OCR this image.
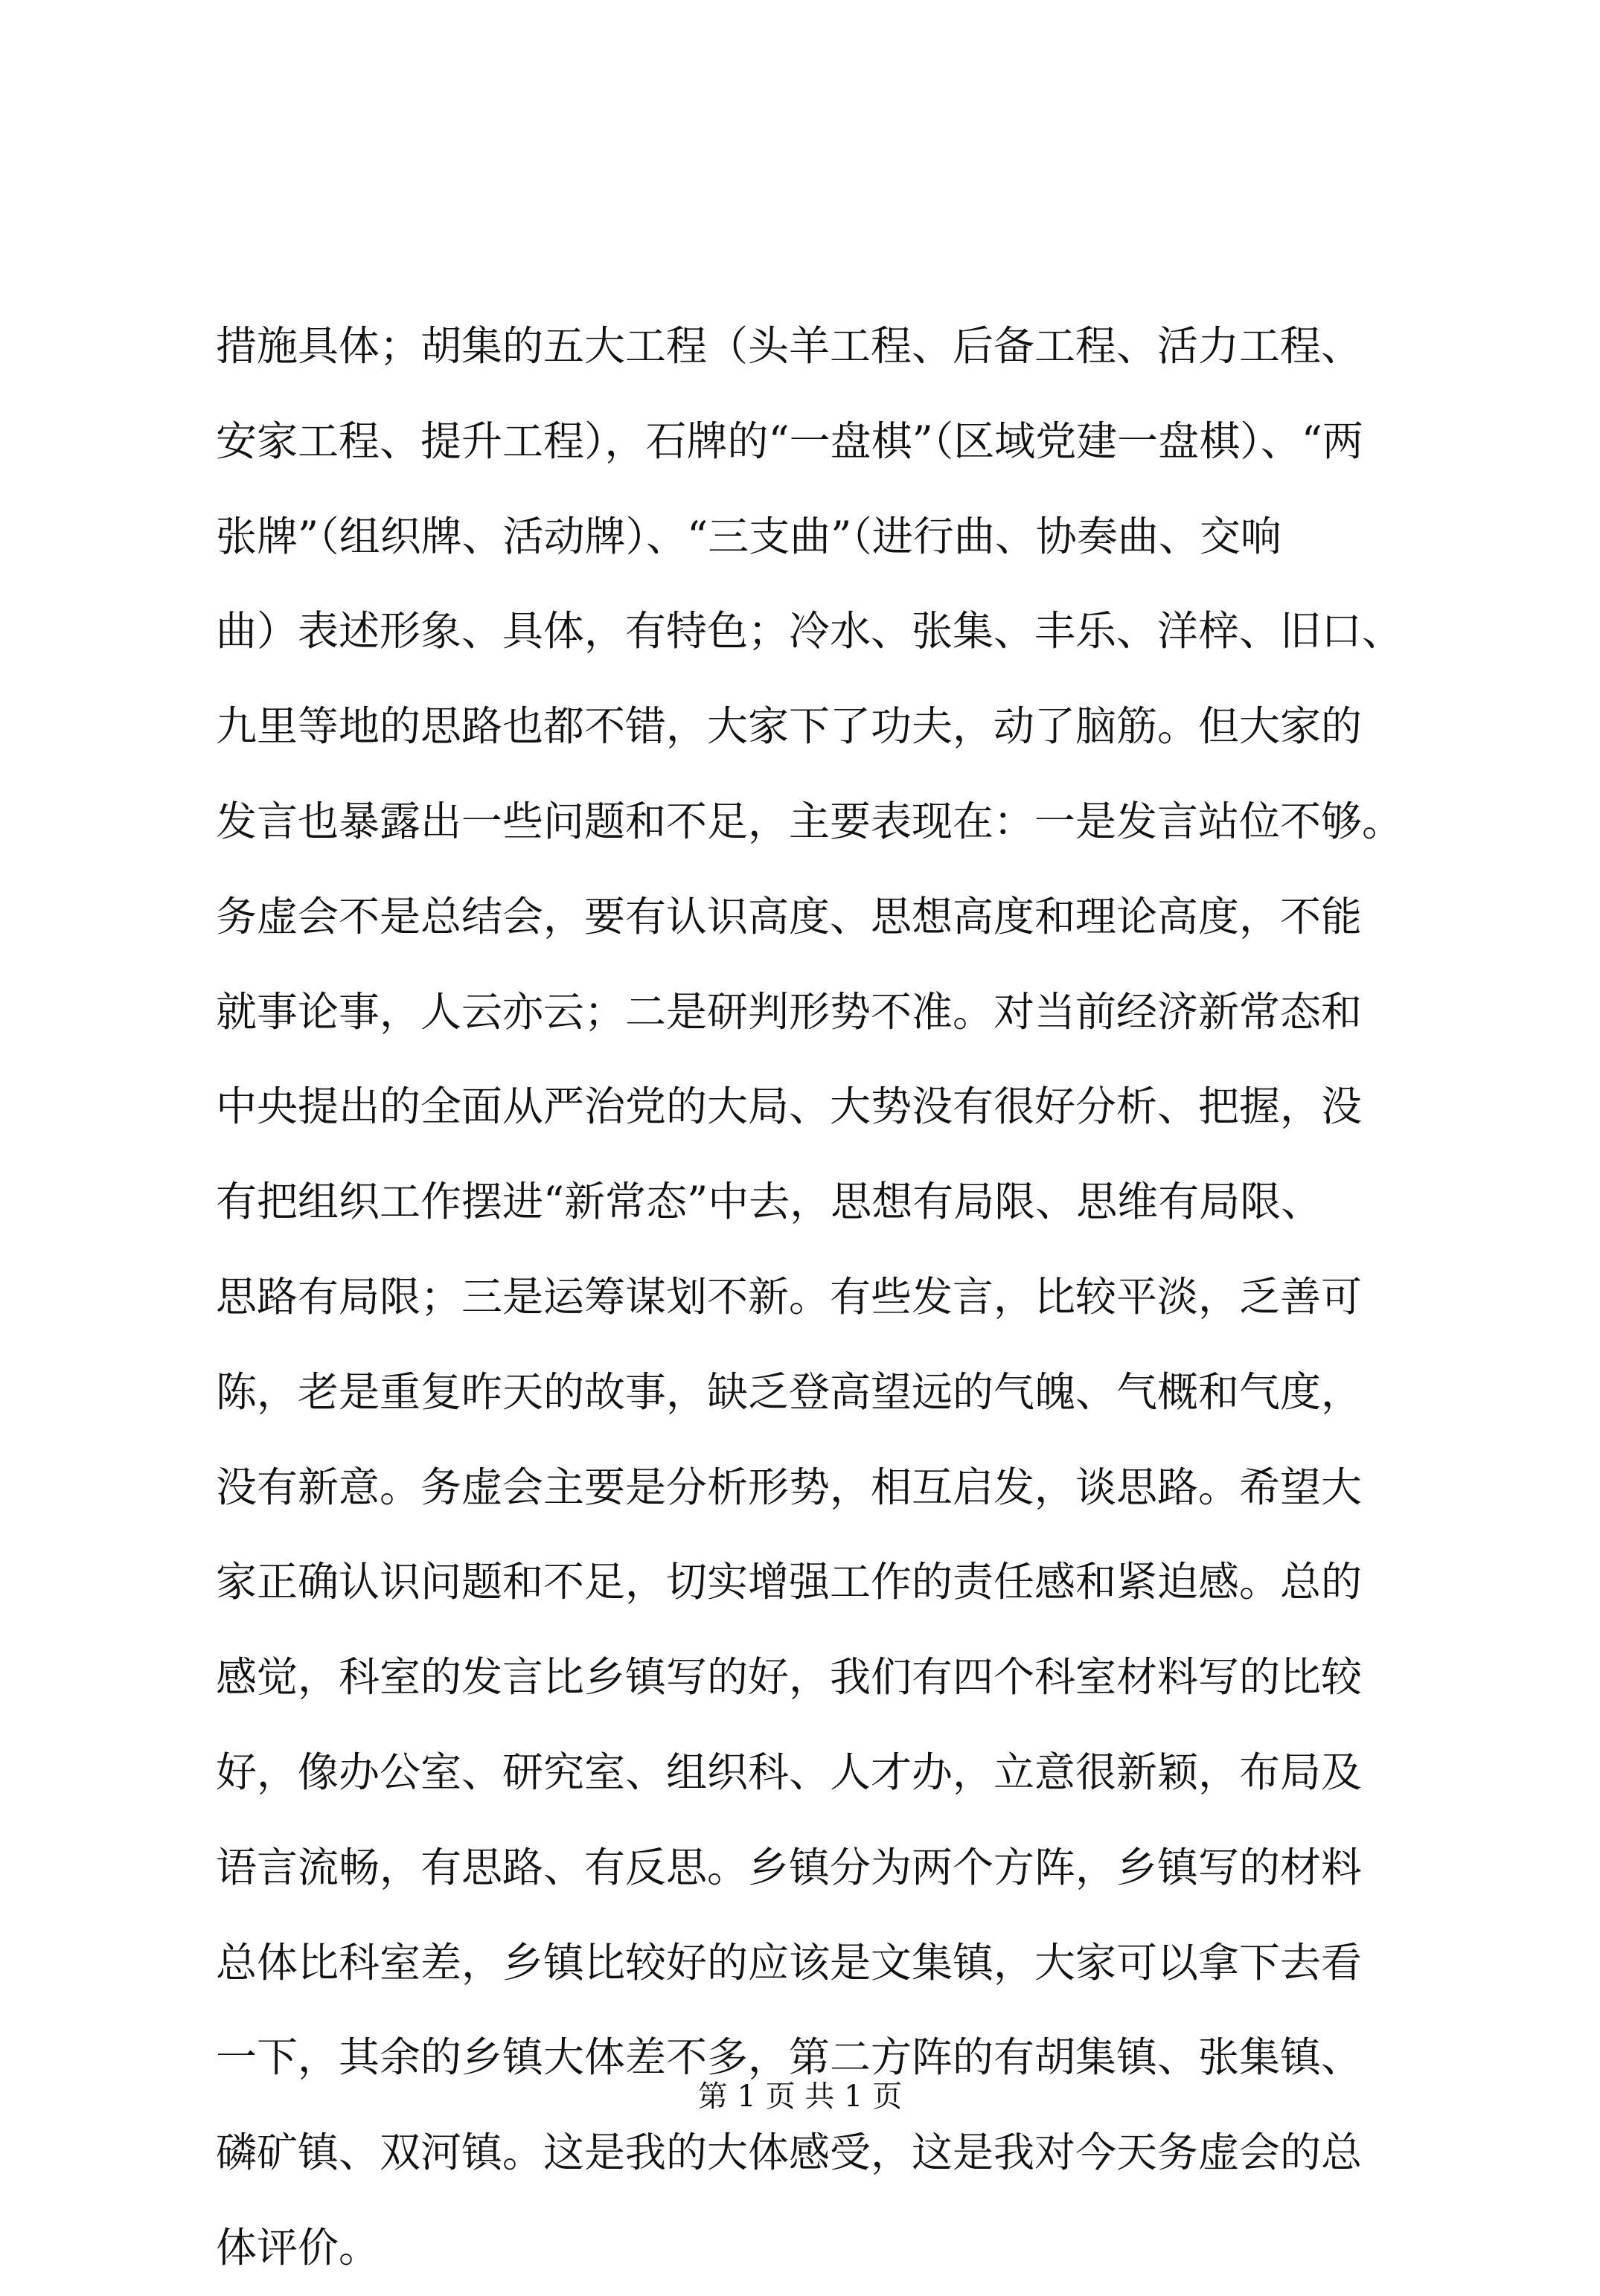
措施具体；胡集的五大工程（头羊工程、后备工程、活力工程、
安家工程、提升工程），石牌的“一盘棋”（区域党建一盘棋）、“两
张牌”（组织牌、活动牌）、“三支曲”（进行曲、协奏曲、交响
曲）表述形象、具体，有特色；冷水、张集、丰乐、洋梓、旧口、
九里等地的思路也都不错，大家下了功夫，动了脑筋。但大家的
发言也暴露出一些问题和不足，主要表现在：一是发言站位不够。
务虚会不是总结会，要有认识高度、思想高度和理论高度，不能
就事论事，人云亦云；二是研判形势不准。对当前经济新常态和
中央提出的全面从严治党的大局、大势没有很好分析、把握，没
有把组织工作摆进“新常态”中去，思想有局限、思维有局限、
思路有局限；三是运筹谋划不新。有些发言，比较平淡，乏善可
陈，老是重复昨天的故事，缺乏登高望远的气魄、气概和气度，
没有新意。务虚会主要是分析形势，相互启发，谈思路。希望大
家正确认识问题和不足，切实增强工作的责任感和紧迫感。总的
感觉，科室的发言比乡镇写的好，我们有四个科室材料写的比较
好，像办公室、研究室、组织科、人才办，立意很新颖，布局及
语言流畅，有思路、有反思。乡镇分为两个方阵，乡镇写的材料
总体比科室差，乡镇比较好的应该是文集镇，大家可以拿下去看
一下，其余的乡镇大体差不多，第二方阵的有胡集镇、张集镇、
磷矿镇、双河镇。这是我的大体感受，这是我对今天务虚会的总
体评价。
第 1 页 共 1 页
